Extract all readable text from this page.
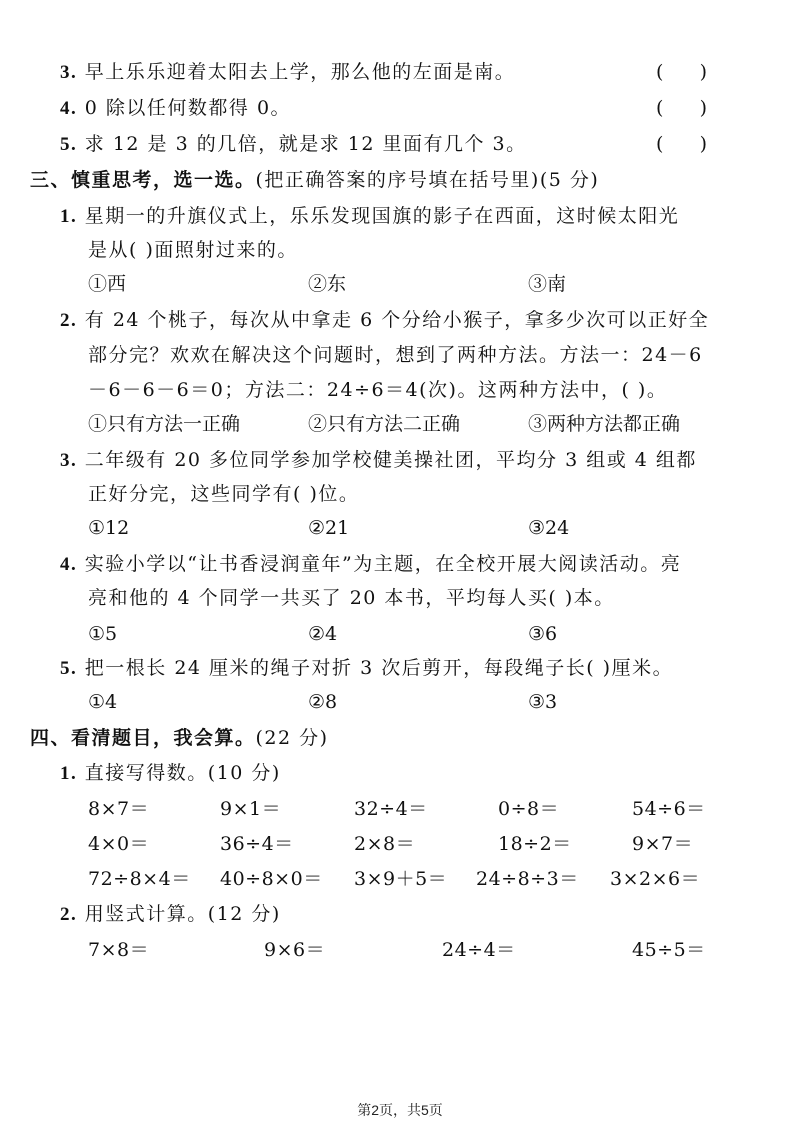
3. 早上乐乐迎着太阳去上学，那么他的左面是南。	(      )
4. 0 除以任何数都得 0。	(      )
5. 求 12 是 3 的几倍，就是求 12 里面有几个 3。	(      )
三、慎重思考，选一选。(把正确答案的序号填在括号里)(5 分)
1. 星期一的升旗仪式上，乐乐发现国旗的影子在西面，这时候太阳光
是从( )面照射过来的。
①西	②东	③南
2. 有 24 个桃子，每次从中拿走 6 个分给小猴子，拿多少次可以正好全
部分完？欢欢在解决这个问题时，想到了两种方法。方法一：24－6
－6－6－6＝0；方法二：24÷6＝4(次)。这两种方法中，( )。
①只有方法一正确	②只有方法二正确	③两种方法都正确
3. 二年级有 20 多位同学参加学校健美操社团，平均分 3 组或 4 组都
正好分完，这些同学有( )位。
①12	②21	③24
4. 实验小学以“让书香浸润童年”为主题，在全校开展大阅读活动。亮
亮和他的 4 个同学一共买了 20 本书，平均每人买( )本。
①5	②4	③6
5. 把一根长 24 厘米的绳子对折 3 次后剪开，每段绳子长( )厘米。
①4	②8	③3
四、看清题目，我会算。(22 分)
1. 直接写得数。(10 分)
8×7＝	9×1＝	32÷4＝	0÷8＝	54÷6＝
4×0＝	36÷4＝	2×8＝	18÷2＝	9×7＝
72÷8×4＝ 40÷8×0＝ 3×9＋5＝ 24÷8÷3＝ 3×2×6＝
2. 用竖式计算。(12 分)
7×8＝	9×6＝	24÷4＝	45÷5＝
第2页，共5页
